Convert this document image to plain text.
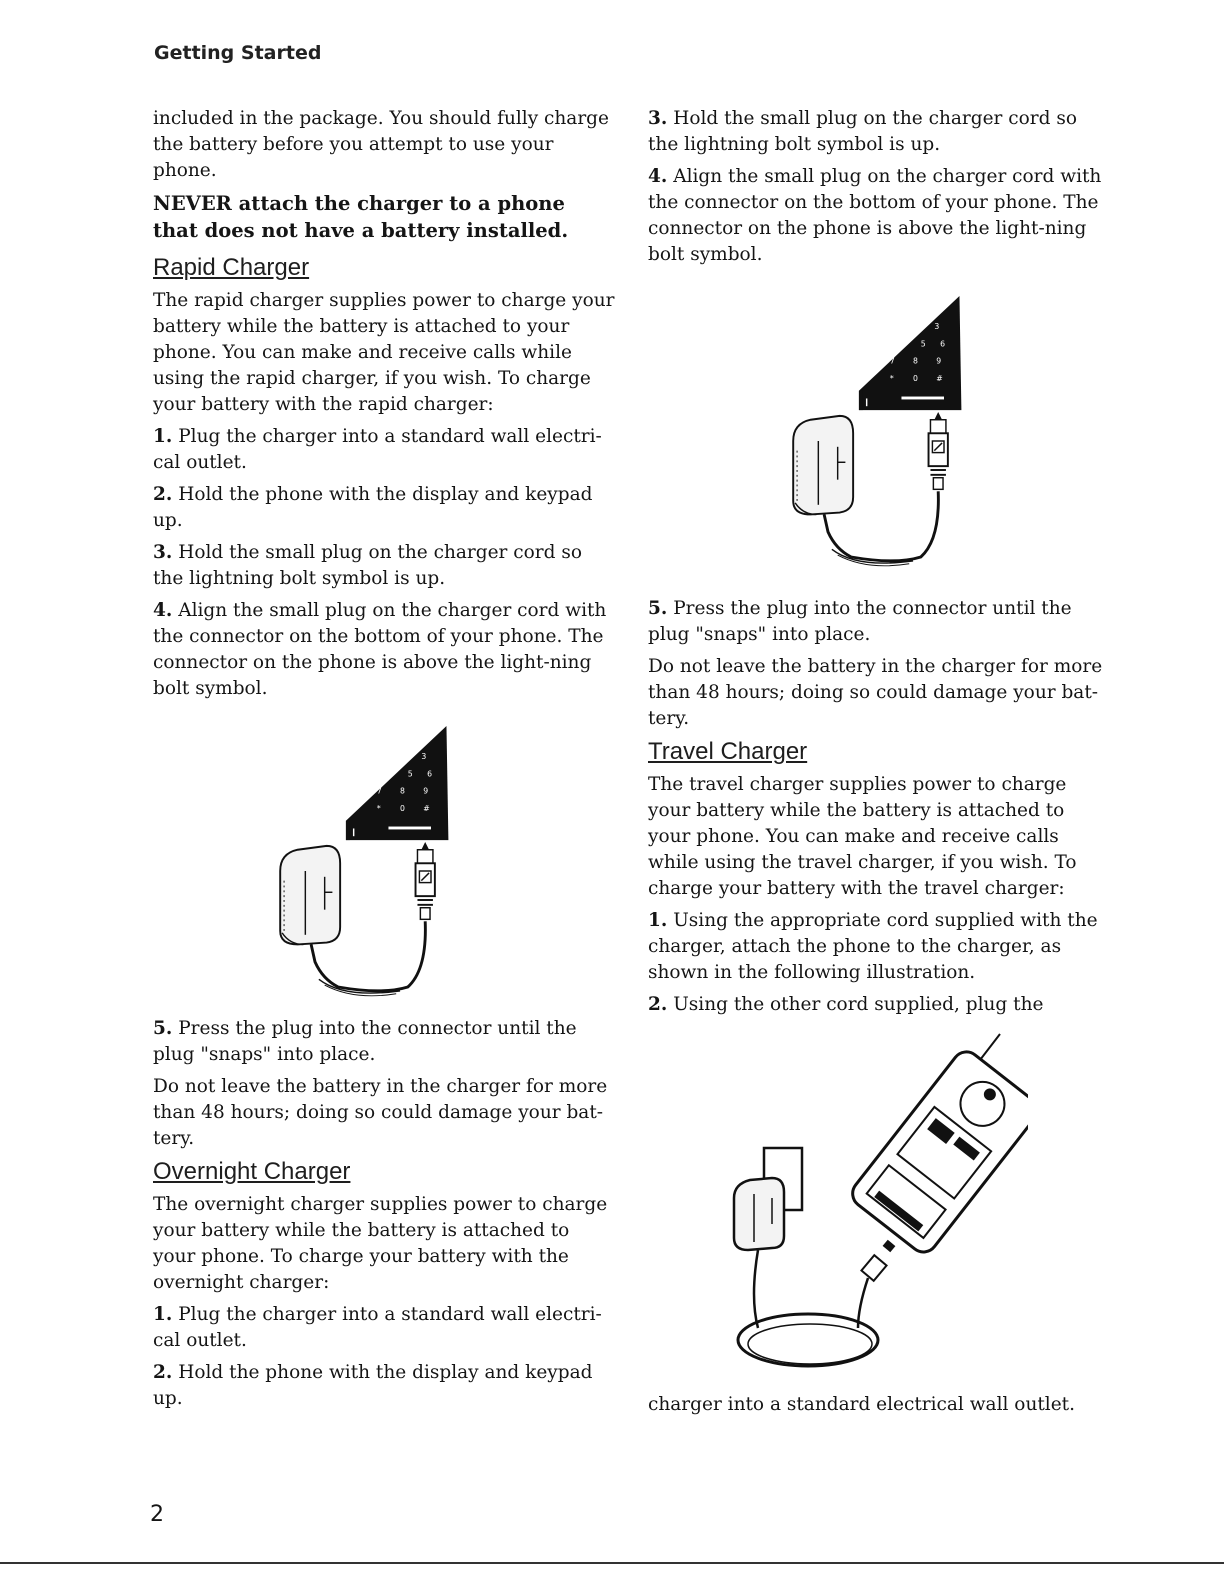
Getting Started

included in the package. You should fully charge the battery before you attempt to use your phone.

NEVER attach the charger to a phone that does not have a battery installed.

Rapid Charger

The rapid charger supplies power to charge your battery while the battery is attached to your phone. You can make and receive calls while using the rapid charger, if you wish. To charge your battery with the rapid charger:

1. Plug the charger into a standard wall electri-cal outlet.

2. Hold the phone with the display and keypad up.

3. Hold the small plug on the charger cord so the lightning bolt symbol is up.

4. Align the small plug on the charger cord with the connector on the bottom of your phone. The connector on the phone is above the light-ning bolt symbol.

5. Press the plug into the connector until the plug "snaps" into place.

Do not leave the battery in the charger for more than 48 hours; doing so could damage your bat-tery.

Overnight Charger

The overnight charger supplies power to charge your battery while the battery is attached to your phone. To charge your battery with the overnight charger:

1. Plug the charger into a standard wall electri-cal outlet.

2. Hold the phone with the display and keypad up.

3. Hold the small plug on the charger cord so the lightning bolt symbol is up.

4. Align the small plug on the charger cord with the connector on the bottom of your phone. The connector on the phone is above the light-ning bolt symbol.

5. Press the plug into the connector until the plug "snaps" into place.

Do not leave the battery in the charger for more than 48 hours; doing so could damage your bat-tery.

Travel Charger

The travel charger supplies power to charge your battery while the battery is attached to your phone. You can make and receive calls while using the travel charger, if you wish. To charge your battery with the travel charger:

1. Using the appropriate cord supplied with the charger, attach the phone to the charger, as shown in the following illustration.

2. Using the other cord supplied, plug the

charger into a standard electrical wall outlet.

2
